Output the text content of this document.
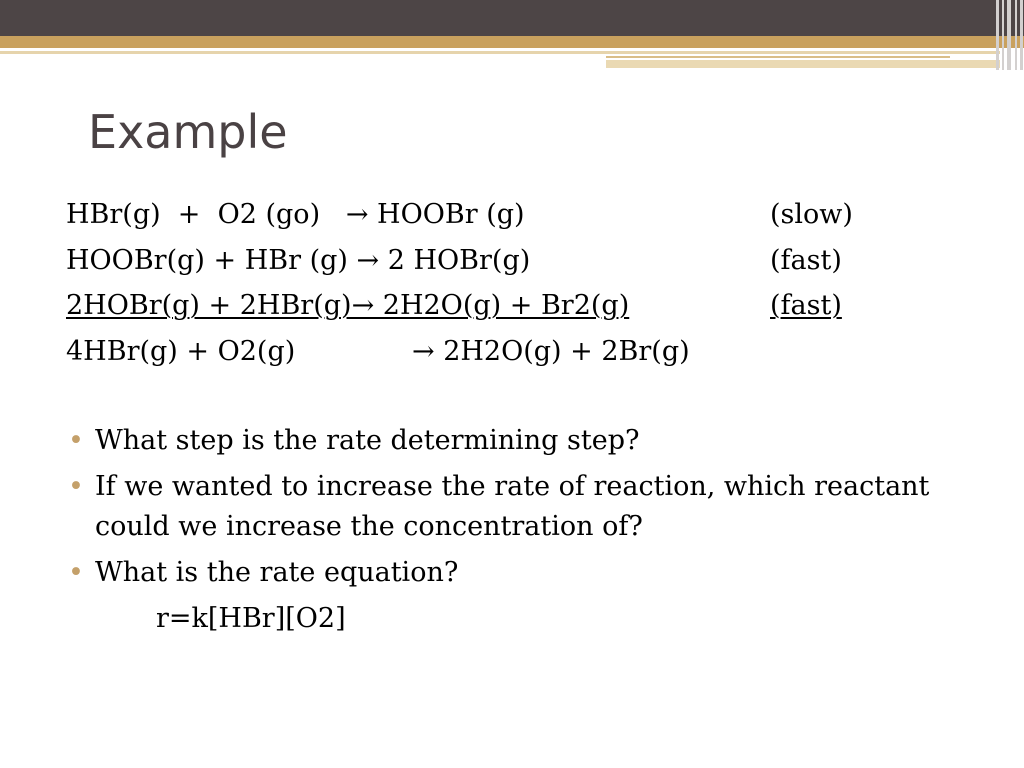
Example
HBr(g)  +  O2 (go)   → HOOBr (g)	(slow)
HOOBr(g) + HBr (g) → 2 HOBr(g)	(fast)
2HOBr(g) + 2HBr(g)→ 2H2O(g) + Br2(g)	(fast)
4HBr(g) + O2(g)	→ 2H2O(g) + 2Br(g)
• What step is the rate determining step?
• If we wanted to increase the rate of reaction, which reactant
could we increase the concentration of?
• What is the rate equation?
r=k[HBr][O2]
